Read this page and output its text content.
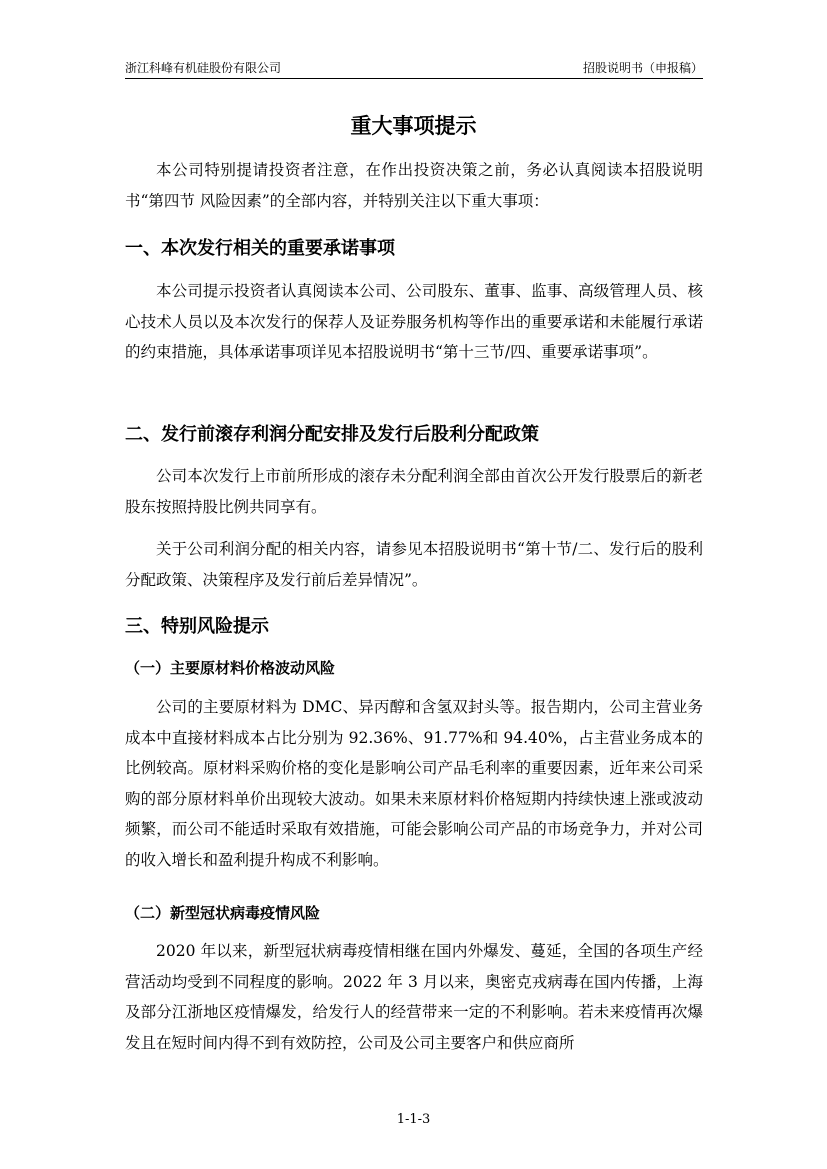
浙江科峰有机硅股份有限公司	招股说明书（申报稿）
重大事项提示

本公司特别提请投资者注意，在作出投资决策之前，务必认真阅读本招股说明书“第四节 风险因素”的全部内容，并特别关注以下重大事项：

一、本次发行相关的重要承诺事项

本公司提示投资者认真阅读本公司、公司股东、董事、监事、高级管理人员、核心技术人员以及本次发行的保荐人及证券服务机构等作出的重要承诺和未能履行承诺的约束措施，具体承诺事项详见本招股说明书“第十三节/四、重要承诺事项”。

二、发行前滚存利润分配安排及发行后股利分配政策

公司本次发行上市前所形成的滚存未分配利润全部由首次公开发行股票后的新老股东按照持股比例共同享有。

关于公司利润分配的相关内容，请参见本招股说明书“第十节/二、发行后的股利分配政策、决策程序及发行前后差异情况”。

三、特别风险提示
（一）主要原材料价格波动风险

公司的主要原材料为 DMC、异丙醇和含氢双封头等。报告期内，公司主营业务成本中直接材料成本占比分别为 92.36%、91.77%和 94.40%，占主营业务成本的比例较高。原材料采购价格的变化是影响公司产品毛利率的重要因素，近年来公司采购的部分原材料单价出现较大波动。如果未来原材料价格短期内持续快速上涨或波动频繁，而公司不能适时采取有效措施，可能会影响公司产品的市场竞争力，并对公司的收入增长和盈利提升构成不利影响。

（二）新型冠状病毒疫情风险

2020 年以来，新型冠状病毒疫情相继在国内外爆发、蔓延，全国的各项生产经营活动均受到不同程度的影响。2022 年 3 月以来，奥密克戎病毒在国内传播，上海及部分江浙地区疫情爆发，给发行人的经营带来一定的不利影响。若未来疫情再次爆发且在短时间内得不到有效防控，公司及公司主要客户和供应商所

1-1-3
